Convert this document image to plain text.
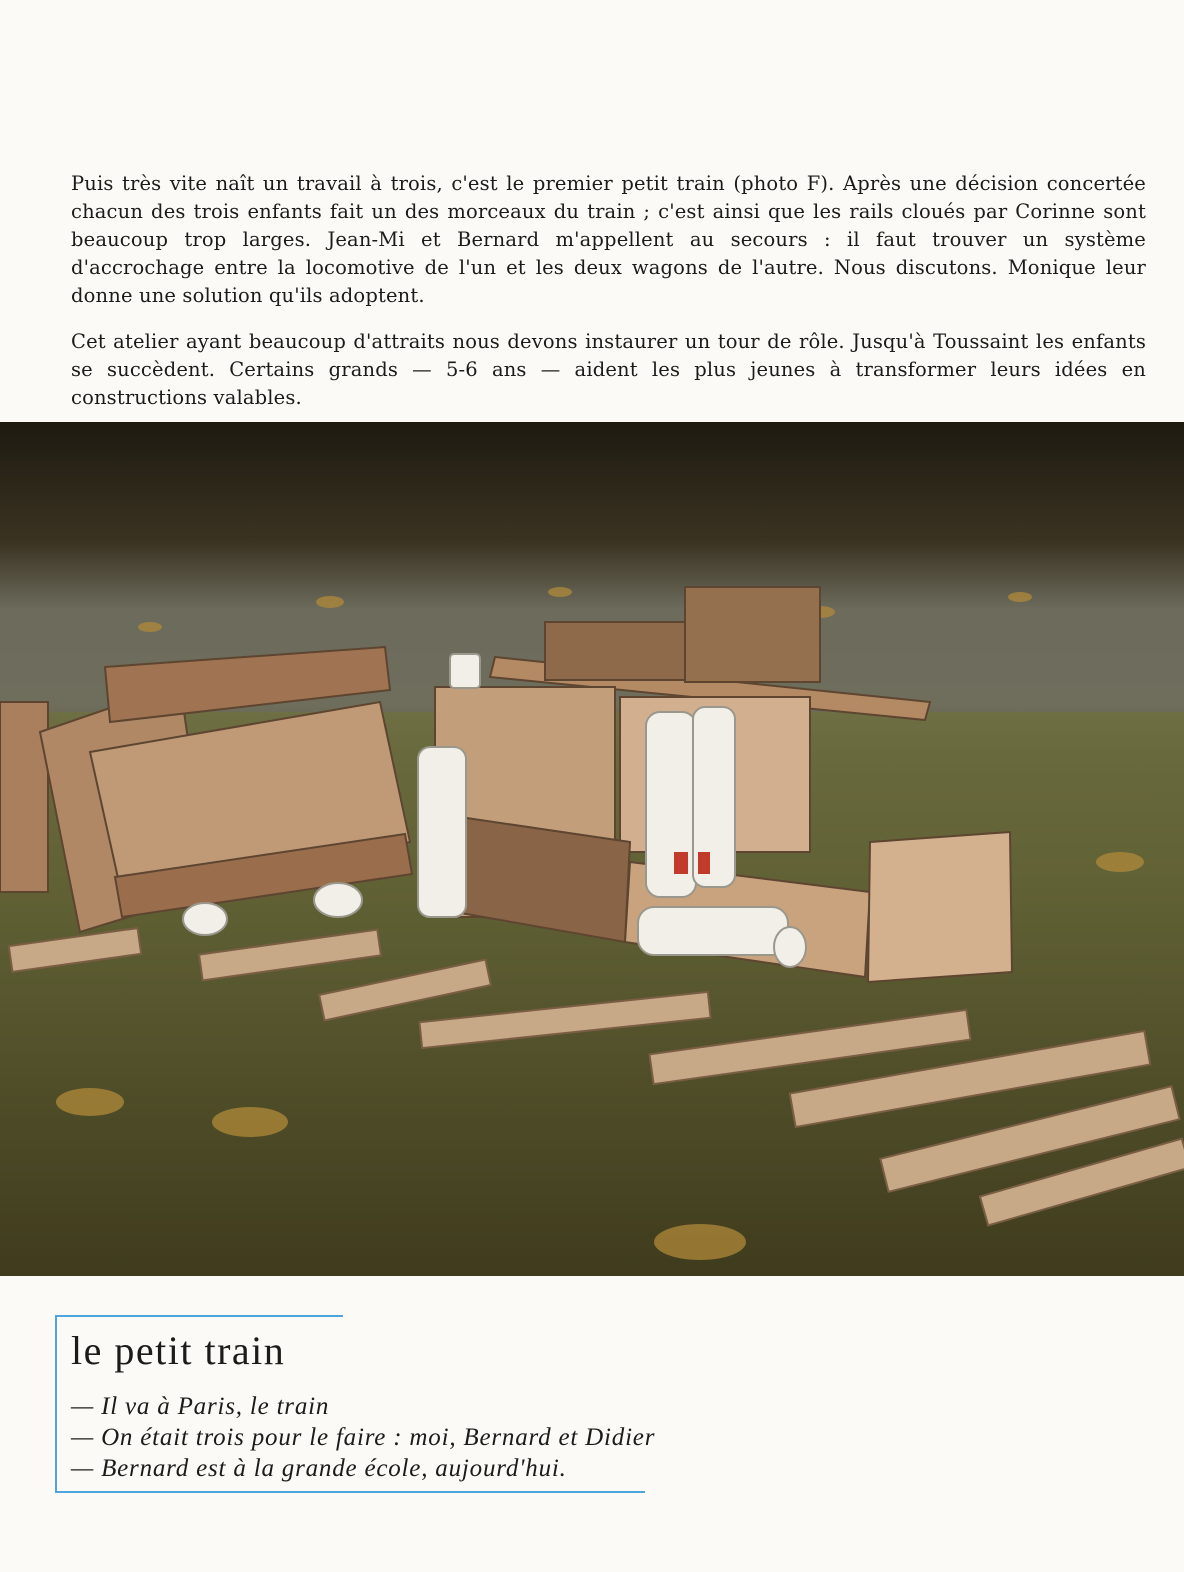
Puis très vite naît un travail à trois, c'est le premier petit train (photo F). Après une décision concertée chacun des trois enfants fait un des morceaux du train ; c'est ainsi que les rails cloués par Corinne sont beaucoup trop larges. Jean-Mi et Bernard m'appellent au secours : il faut trouver un système d'accrochage entre la locomotive de l'un et les deux wagons de l'autre. Nous discutons. Monique leur donne une solution qu'ils adoptent.

Cet atelier ayant beaucoup d'attraits nous devons instaurer un tour de rôle. Jusqu'à Toussaint les enfants se succèdent. Certains grands — 5-6 ans — aident les plus jeunes à transformer leurs idées en constructions valables.

le petit train
— Il va à Paris, le train
— On était trois pour le faire : moi, Bernard et Didier
— Bernard est à la grande école, aujourd'hui.
